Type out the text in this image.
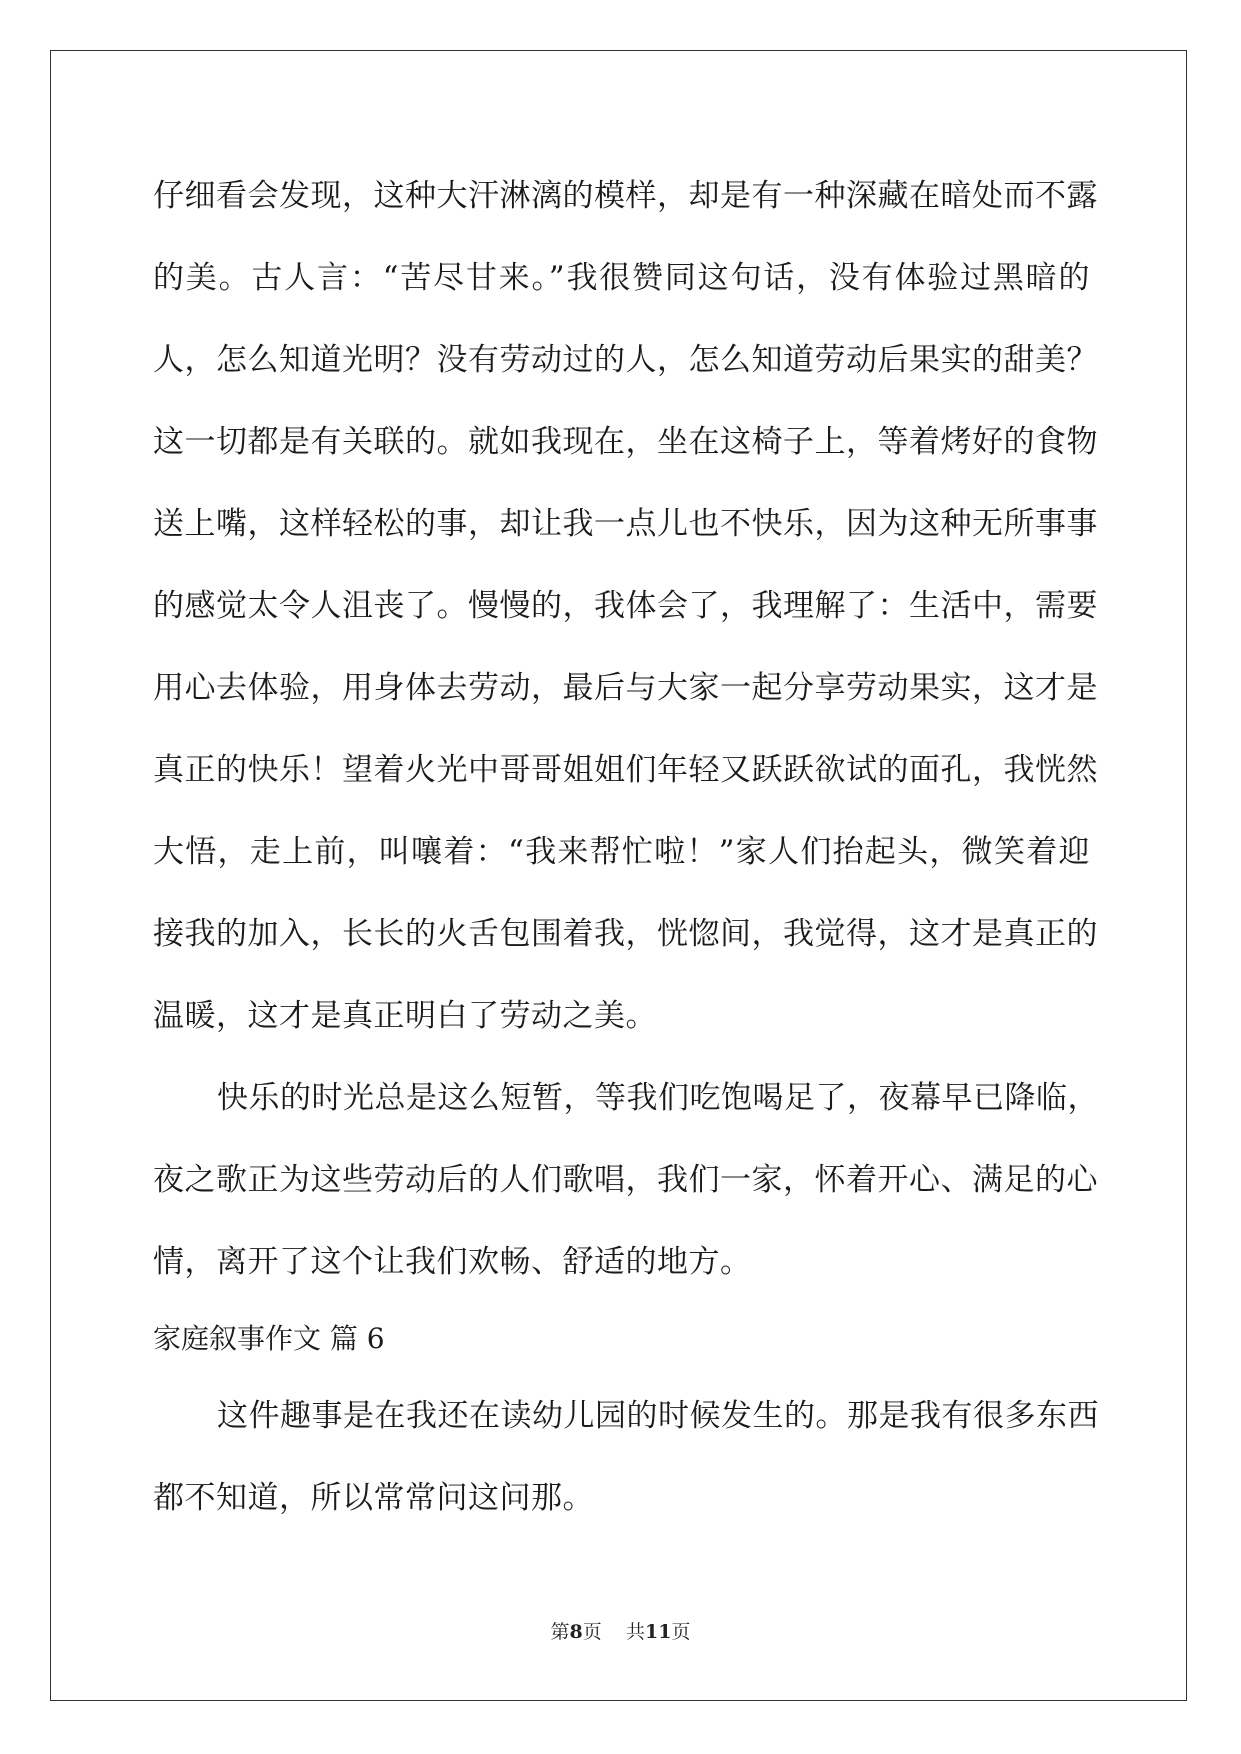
仔细看会发现，这种大汗淋漓的模样，却是有一种深藏在暗处而不露
的美。古人言：“苦尽甘来。”我很赞同这句话，没有体验过黑暗的
人，怎么知道光明？没有劳动过的人，怎么知道劳动后果实的甜美？
这一切都是有关联的。就如我现在，坐在这椅子上，等着烤好的食物
送上嘴，这样轻松的事，却让我一点儿也不快乐，因为这种无所事事
的感觉太令人沮丧了。慢慢的，我体会了，我理解了：生活中，需要
用心去体验，用身体去劳动，最后与大家一起分享劳动果实，这才是
真正的快乐！望着火光中哥哥姐姐们年轻又跃跃欲试的面孔，我恍然
大悟，走上前，叫嚷着：“我来帮忙啦！”家人们抬起头，微笑着迎
接我的加入，长长的火舌包围着我，恍惚间，我觉得，这才是真正的
温暖，这才是真正明白了劳动之美。
快乐的时光总是这么短暂，等我们吃饱喝足了，夜幕早已降临，
夜之歌正为这些劳动后的人们歌唱，我们一家，怀着开心、满足的心
情，离开了这个让我们欢畅、舒适的地方。
家庭叙事作文 篇 6
这件趣事是在我还在读幼儿园的时候发生的。那是我有很多东西
都不知道，所以常常问这问那。
第8页 共11页
